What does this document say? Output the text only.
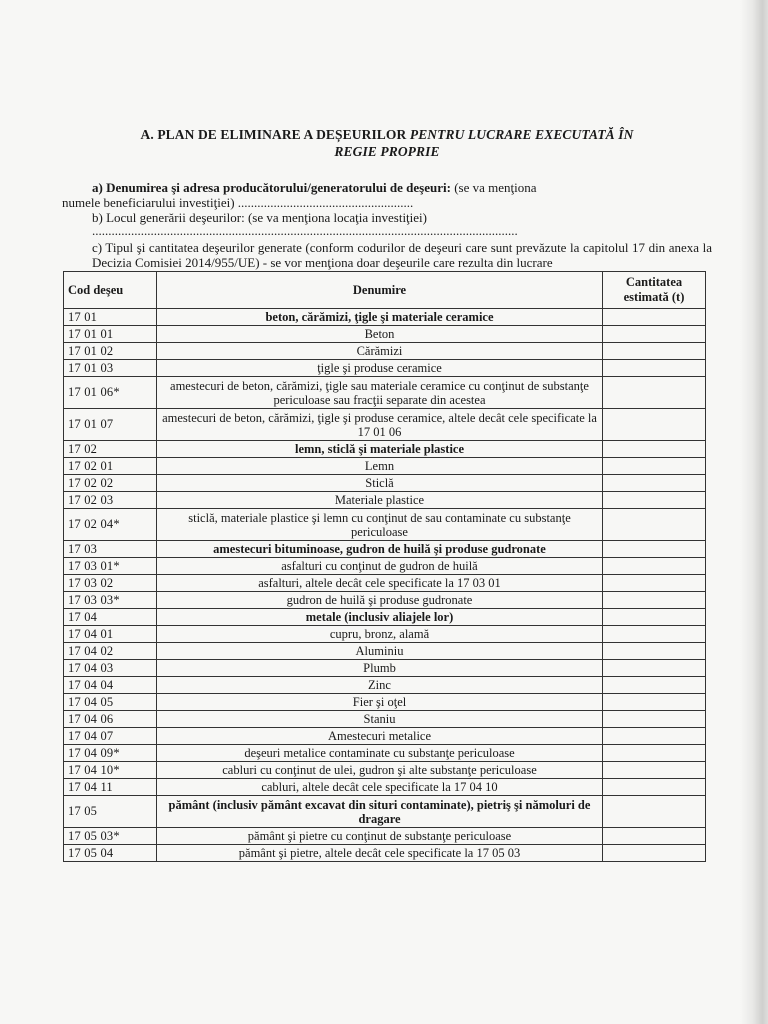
A. PLAN DE ELIMINARE A DEȘEURILOR PENTRU LUCRARE EXECUTATĂ ÎN
REGIE PROPRIE
a) Denumirea şi adresa producătorului/generatorului de deşeuri: (se va menţiona
numele beneficiarului investiţiei) ......................................................
b) Locul generării deşeurilor: (se va menţiona locaţia investiţiei)
...................................................................................................................................
c) Tipul şi cantitatea deşeurilor generate (conform codurilor de deşeuri care sunt prevăzute la capitolul 17 din anexa la Decizia Comisiei 2014/955/UE) - se vor menţiona doar deşeurile care rezulta din lucrare
Cod deşeu	Denumire	Cantitatea estimată (t)
17 01	beton, cărămizi, ţigle şi materiale ceramice	
17 01 01	Beton	
17 01 02	Cărămizi	
17 01 03	ţigle şi produse ceramice	
17 01 06*	amestecuri de beton, cărămizi, ţigle sau materiale ceramice cu conţinut de substanţe periculoase sau fracţii separate din acestea	
17 01 07	amestecuri de beton, cărămizi, ţigle şi produse ceramice, altele decât cele specificate la 17 01 06	
17 02	lemn, sticlă şi materiale plastice	
17 02 01	Lemn	
17 02 02	Sticlă	
17 02 03	Materiale plastice	
17 02 04*	sticlă, materiale plastice şi lemn cu conţinut de sau contaminate cu substanţe periculoase	
17 03	amestecuri bituminoase, gudron de huilă şi produse gudronate	
17 03 01*	asfalturi cu conţinut de gudron de huilă	
17 03 02	asfalturi, altele decât cele specificate la 17 03 01	
17 03 03*	gudron de huilă şi produse gudronate	
17 04	metale (inclusiv aliajele lor)	
17 04 01	cupru, bronz, alamă	
17 04 02	Aluminiu	
17 04 03	Plumb	
17 04 04	Zinc	
17 04 05	Fier şi oţel	
17 04 06	Staniu	
17 04 07	Amestecuri metalice	
17 04 09*	deşeuri metalice contaminate cu substanţe periculoase	
17 04 10*	cabluri cu conţinut de ulei, gudron şi alte substanţe periculoase	
17 04 11	cabluri, altele decât cele specificate la 17 04 10	
17 05	pământ (inclusiv pământ excavat din situri contaminate), pietriş şi nămoluri de dragare	
17 05 03*	pământ şi pietre cu conţinut de substanţe periculoase	
17 05 04	pământ şi pietre, altele decât cele specificate la 17 05 03	
